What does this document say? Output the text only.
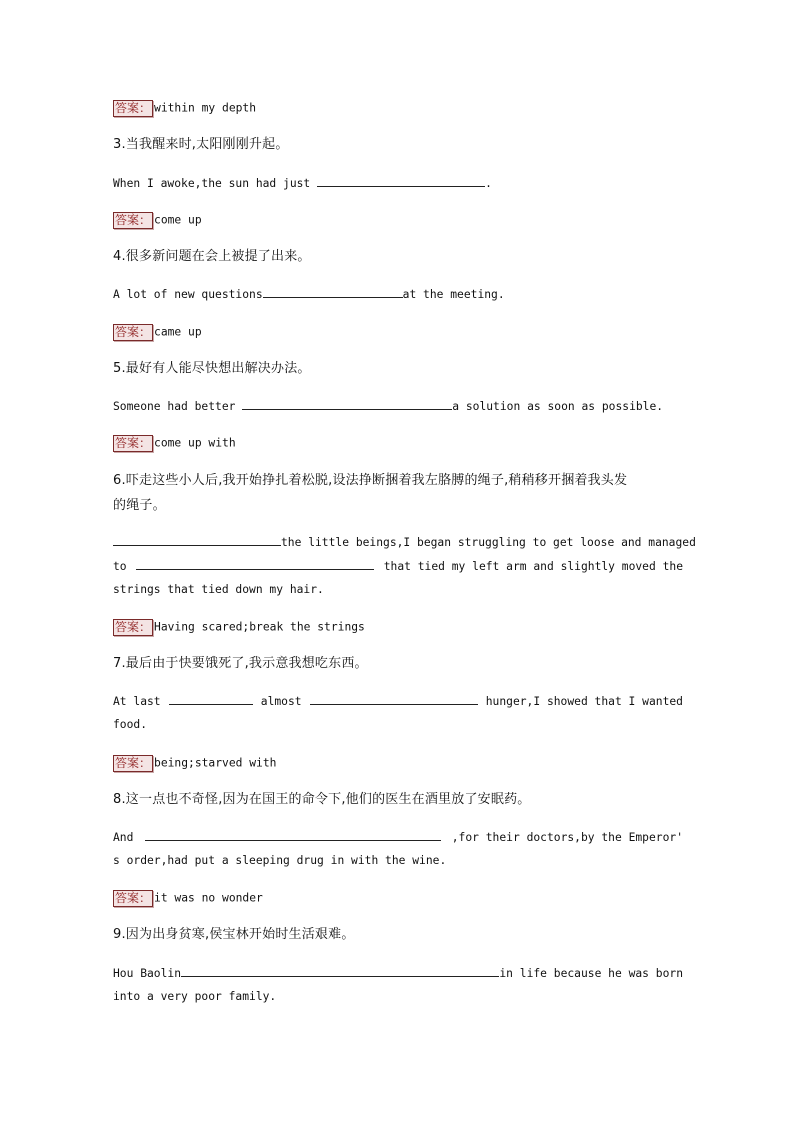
答案： within my depth
3.当我醒来时,太阳刚刚升起。
When I awoke,the sun had just	.
答案： come up
4.很多新问题在会上被提了出来。
A lot of new questions	at the meeting.
答案： came up
5.最好有人能尽快想出解决办法。
Someone had better	a solution as soon as possible.
答案： come up with
6.吓走这些小人后,我开始挣扎着松脱,设法挣断捆着我左胳膊的绳子,稍稍移开捆着我头发
的绳子。
the little beings,I began struggling to get loose and managed
to	that tied my left arm and slightly moved the
strings that tied down my hair.
答案： Having scared;break the strings
7.最后由于快要饿死了,我示意我想吃东西。
At last	almost	hunger,I showed that I wanted
food.
答案： being;starved with
8.这一点也不奇怪,因为在国王的命令下,他们的医生在酒里放了安眠药。
And	,for their doctors,by the Emperor'
s order,had put a sleeping drug in with the wine.
答案： it was no wonder
9.因为出身贫寒,侯宝林开始时生活艰难。
Hou Baolin	in life because he was born
into a very poor family.
